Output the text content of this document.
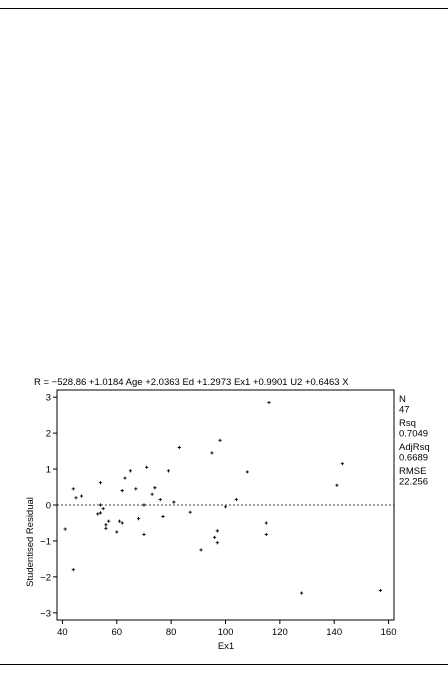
R = −528.86 +1.0184 Age +2.0363 Ed +1.2973 Ex1 +0.9901 U2 +0.6463 X
40	60	80	100	120	140	160
3
2
1
0
−1
−2
−3
N
47
Rsq
0.7049
AdjRsq
0.6689
RMSE
22.256
Studentised Residual
Ex1
